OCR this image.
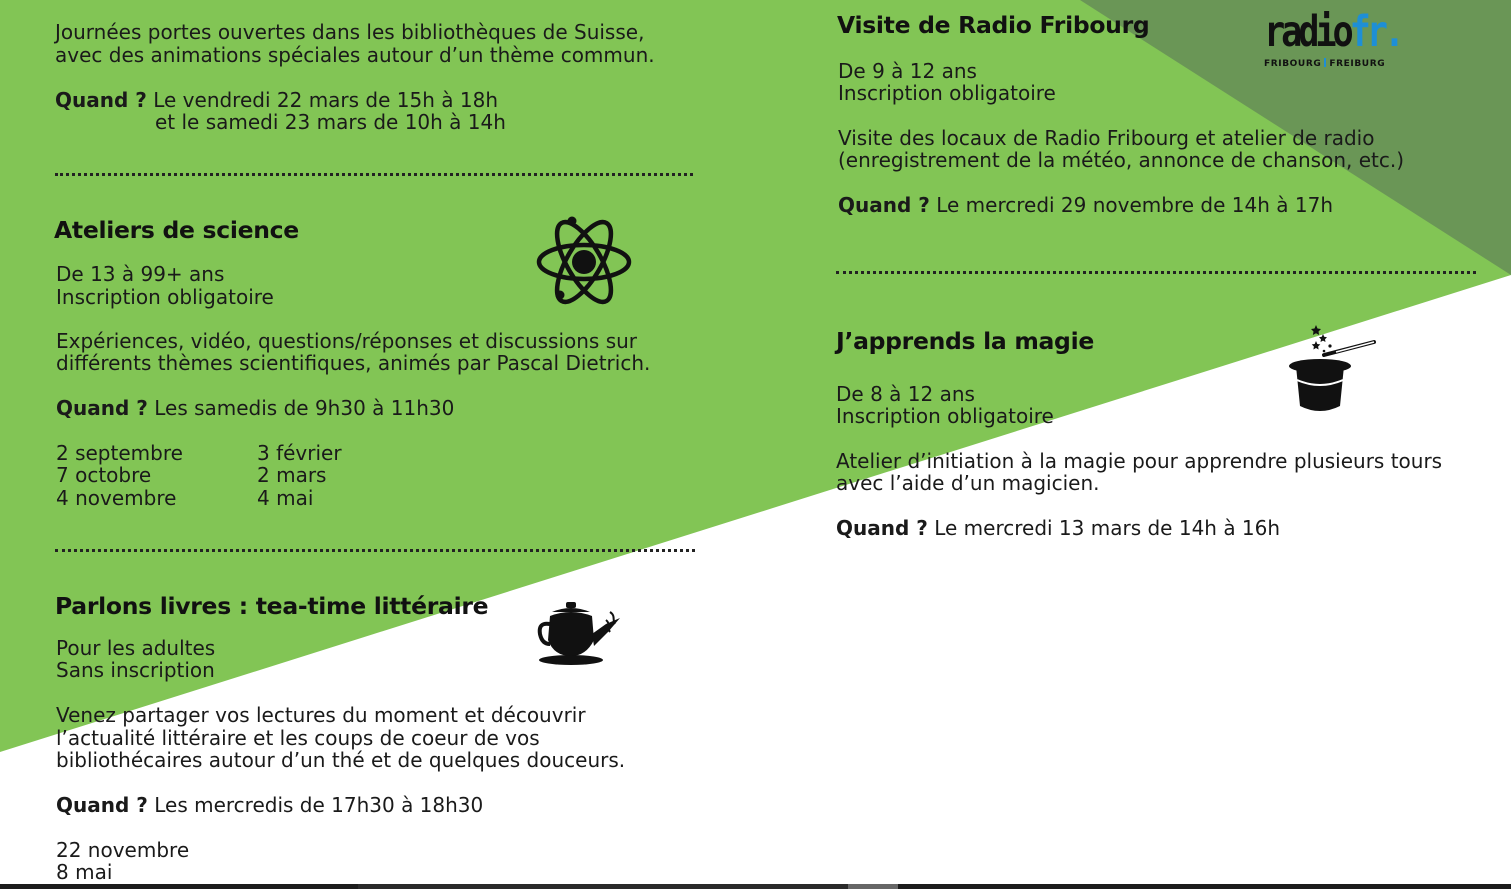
Journées portes ouvertes dans les bibliothèques de Suisse,

avec des animations spéciales autour d’un thème commun.

Quand ? Le vendredi 22 mars de 15h à 18h

et le samedi 23 mars de 10h à 14h

Ateliers de science

De 13 à 99+ ans

Inscription obligatoire

Expériences, vidéo, questions/réponses et discussions sur

différents thèmes scientifiques, animés par Pascal Dietrich.

Quand ? Les samedis de 9h30 à 11h30

2 septembre

7 octobre

4 novembre

3 février

2 mars

4 mai

Parlons livres : tea-time littéraire

Pour les adultes

Sans inscription

Venez partager vos lectures du moment et découvrir

l’actualité littéraire et les coups de coeur de vos

bibliothécaires autour d’un thé et de quelques douceurs.

Quand ? Les mercredis de 17h30 à 18h30

22 novembre

8 mai

Visite de Radio Fribourg

De 9 à 12 ans

Inscription obligatoire

Visite des locaux de Radio Fribourg et atelier de radio

(enregistrement de la météo, annonce de chanson, etc.)

Quand ? Le mercredi 29 novembre de 14h à 17h

radiofr.
FRIBOURG FREIBURG
J’apprends la magie

De 8 à 12 ans

Inscription obligatoire

Atelier d’initiation à la magie pour apprendre plusieurs tours

avec l’aide d’un magicien.

Quand ? Le mercredi 13 mars de 14h à 16h
